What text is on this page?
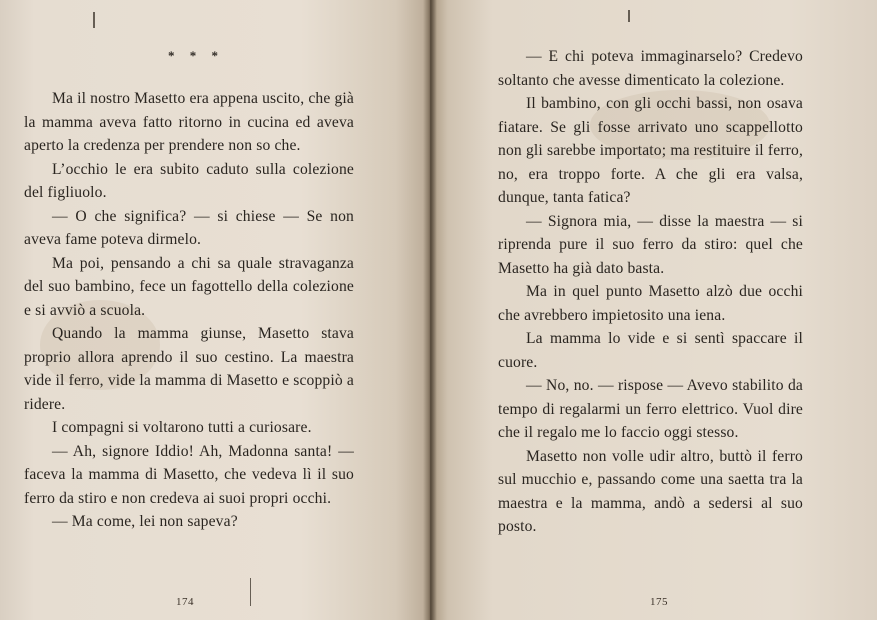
* * *

Ma il nostro Masetto era appena uscito, che già la mamma aveva fatto ritorno in cucina ed aveva aperto la credenza per prendere non so che.

L’occhio le era subito caduto sulla colezione del figliuolo.

— O che significa? — si chiese — Se non aveva fame poteva dirmelo.

Ma poi, pensando a chi sa quale stravaganza del suo bambino, fece un fagottello della colezione e si avviò a scuola.

Quando la mamma giunse, Masetto stava proprio allora aprendo il suo cestino. La maestra vide il ferro, vide la mamma di Masetto e scoppiò a ridere.

I compagni si voltarono tutti a curiosare.

— Ah, signore Iddio! Ah, Madonna santa! — faceva la mamma di Masetto, che vedeva lì il suo ferro da stiro e non credeva ai suoi propri occhi.

— Ma come, lei non sapeva?

174

— E chi poteva immaginarselo? Credevo soltanto che avesse dimenticato la colezione.

Il bambino, con gli occhi bassi, non osava fiatare. Se gli fosse arrivato uno scappellotto non gli sarebbe importato; ma restituire il ferro, no, era troppo forte. A che gli era valsa, dunque, tanta fatica?

— Signora mia, — disse la maestra — si riprenda pure il suo ferro da stiro: quel che Masetto ha già dato basta.

Ma in quel punto Masetto alzò due occhi che avrebbero impietosito una iena.

La mamma lo vide e si sentì spaccare il cuore.

— No, no. — rispose — Avevo stabilito da tempo di regalarmi un ferro elettrico. Vuol dire che il regalo me lo faccio oggi stesso.

Masetto non volle udir altro, buttò il ferro sul mucchio e, passando come una saetta tra la maestra e la mamma, andò a sedersi al suo posto.

175
